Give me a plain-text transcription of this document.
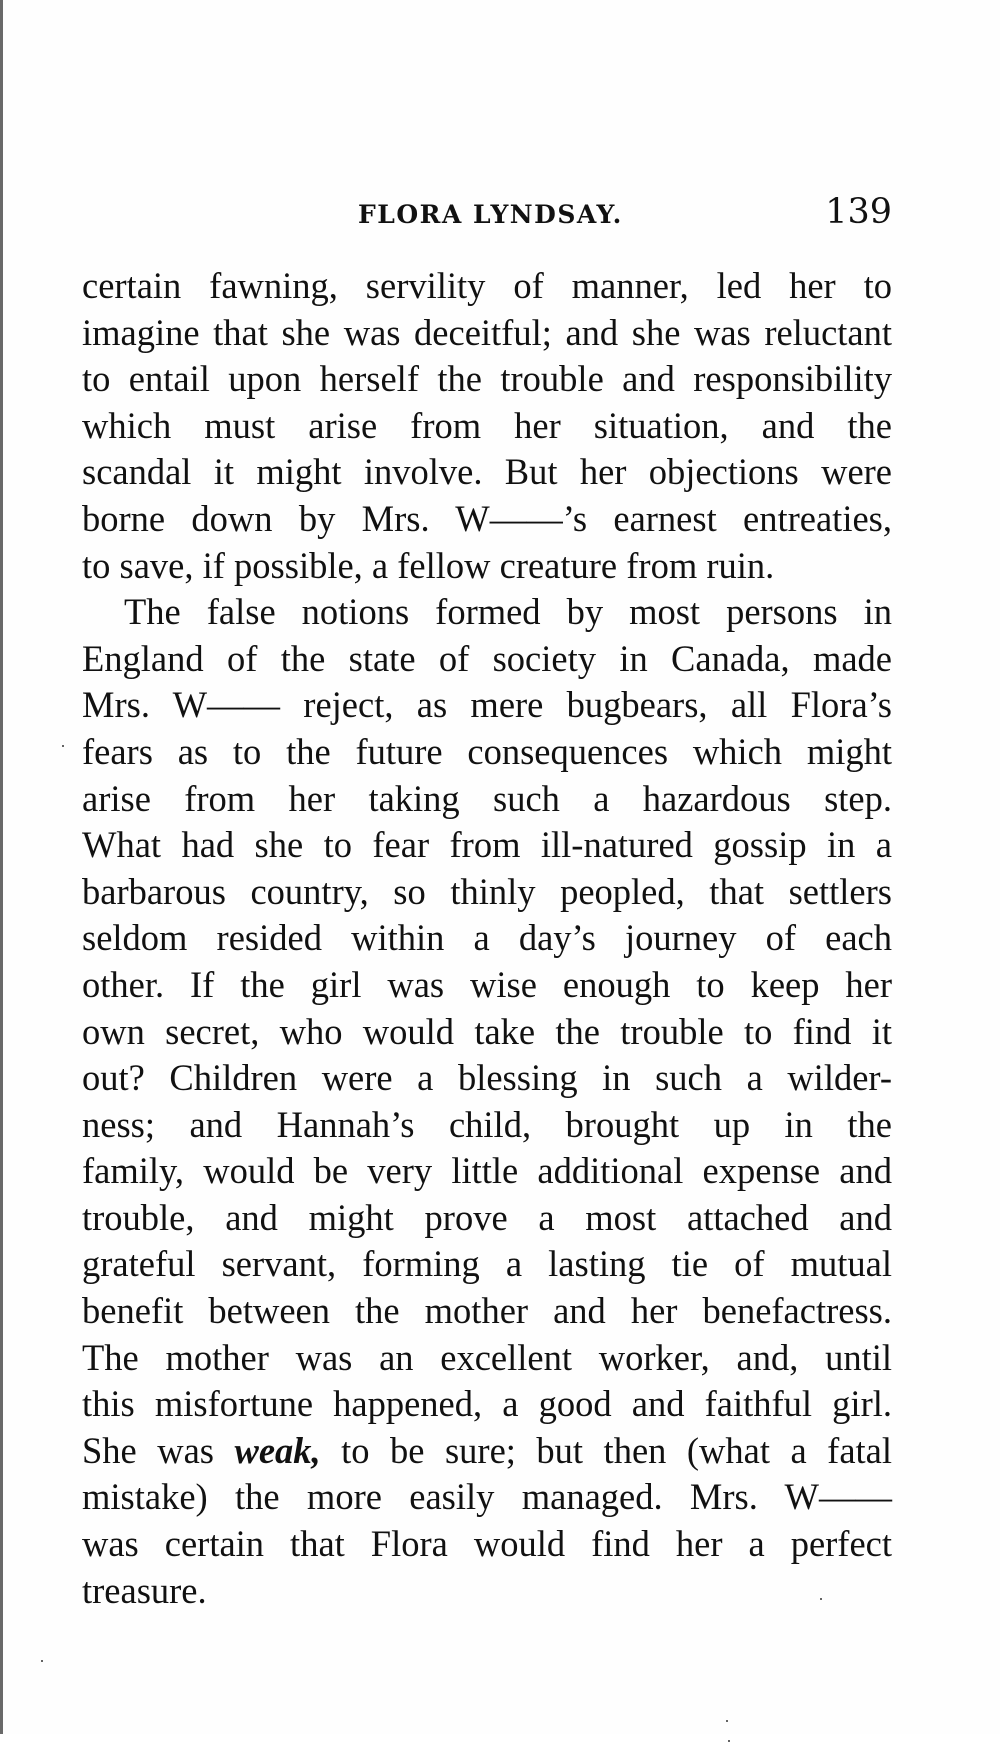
FLORA LYNDSAY.	139
certain fawning, servility of manner, led her to
imagine that she was deceitful; and she was reluctant
to entail upon herself the trouble and responsibility
which must arise from her situation, and the
scandal it might involve. But her objections were
borne down by Mrs. W——’s earnest entreaties,
to save, if possible, a fellow creature from ruin.
The false notions formed by most persons in
England of the state of society in Canada, made
Mrs. W—— reject, as mere bugbears, all Flora’s
fears as to the future consequences which might
arise from her taking such a hazardous step.
What had she to fear from ill-natured gossip in a
barbarous country, so thinly peopled, that settlers
seldom resided within a day’s journey of each
other. If the girl was wise enough to keep her
own secret, who would take the trouble to find it
out? Children were a blessing in such a wilder-
ness; and Hannah’s child, brought up in the
family, would be very little additional expense and
trouble, and might prove a most attached and
grateful servant, forming a lasting tie of mutual
benefit between the mother and her benefactress.
The mother was an excellent worker, and, until
this misfortune happened, a good and faithful girl.
She was weak, to be sure; but then (what a fatal
mistake) the more easily managed. Mrs. W——
was certain that Flora would find her a perfect
treasure.
